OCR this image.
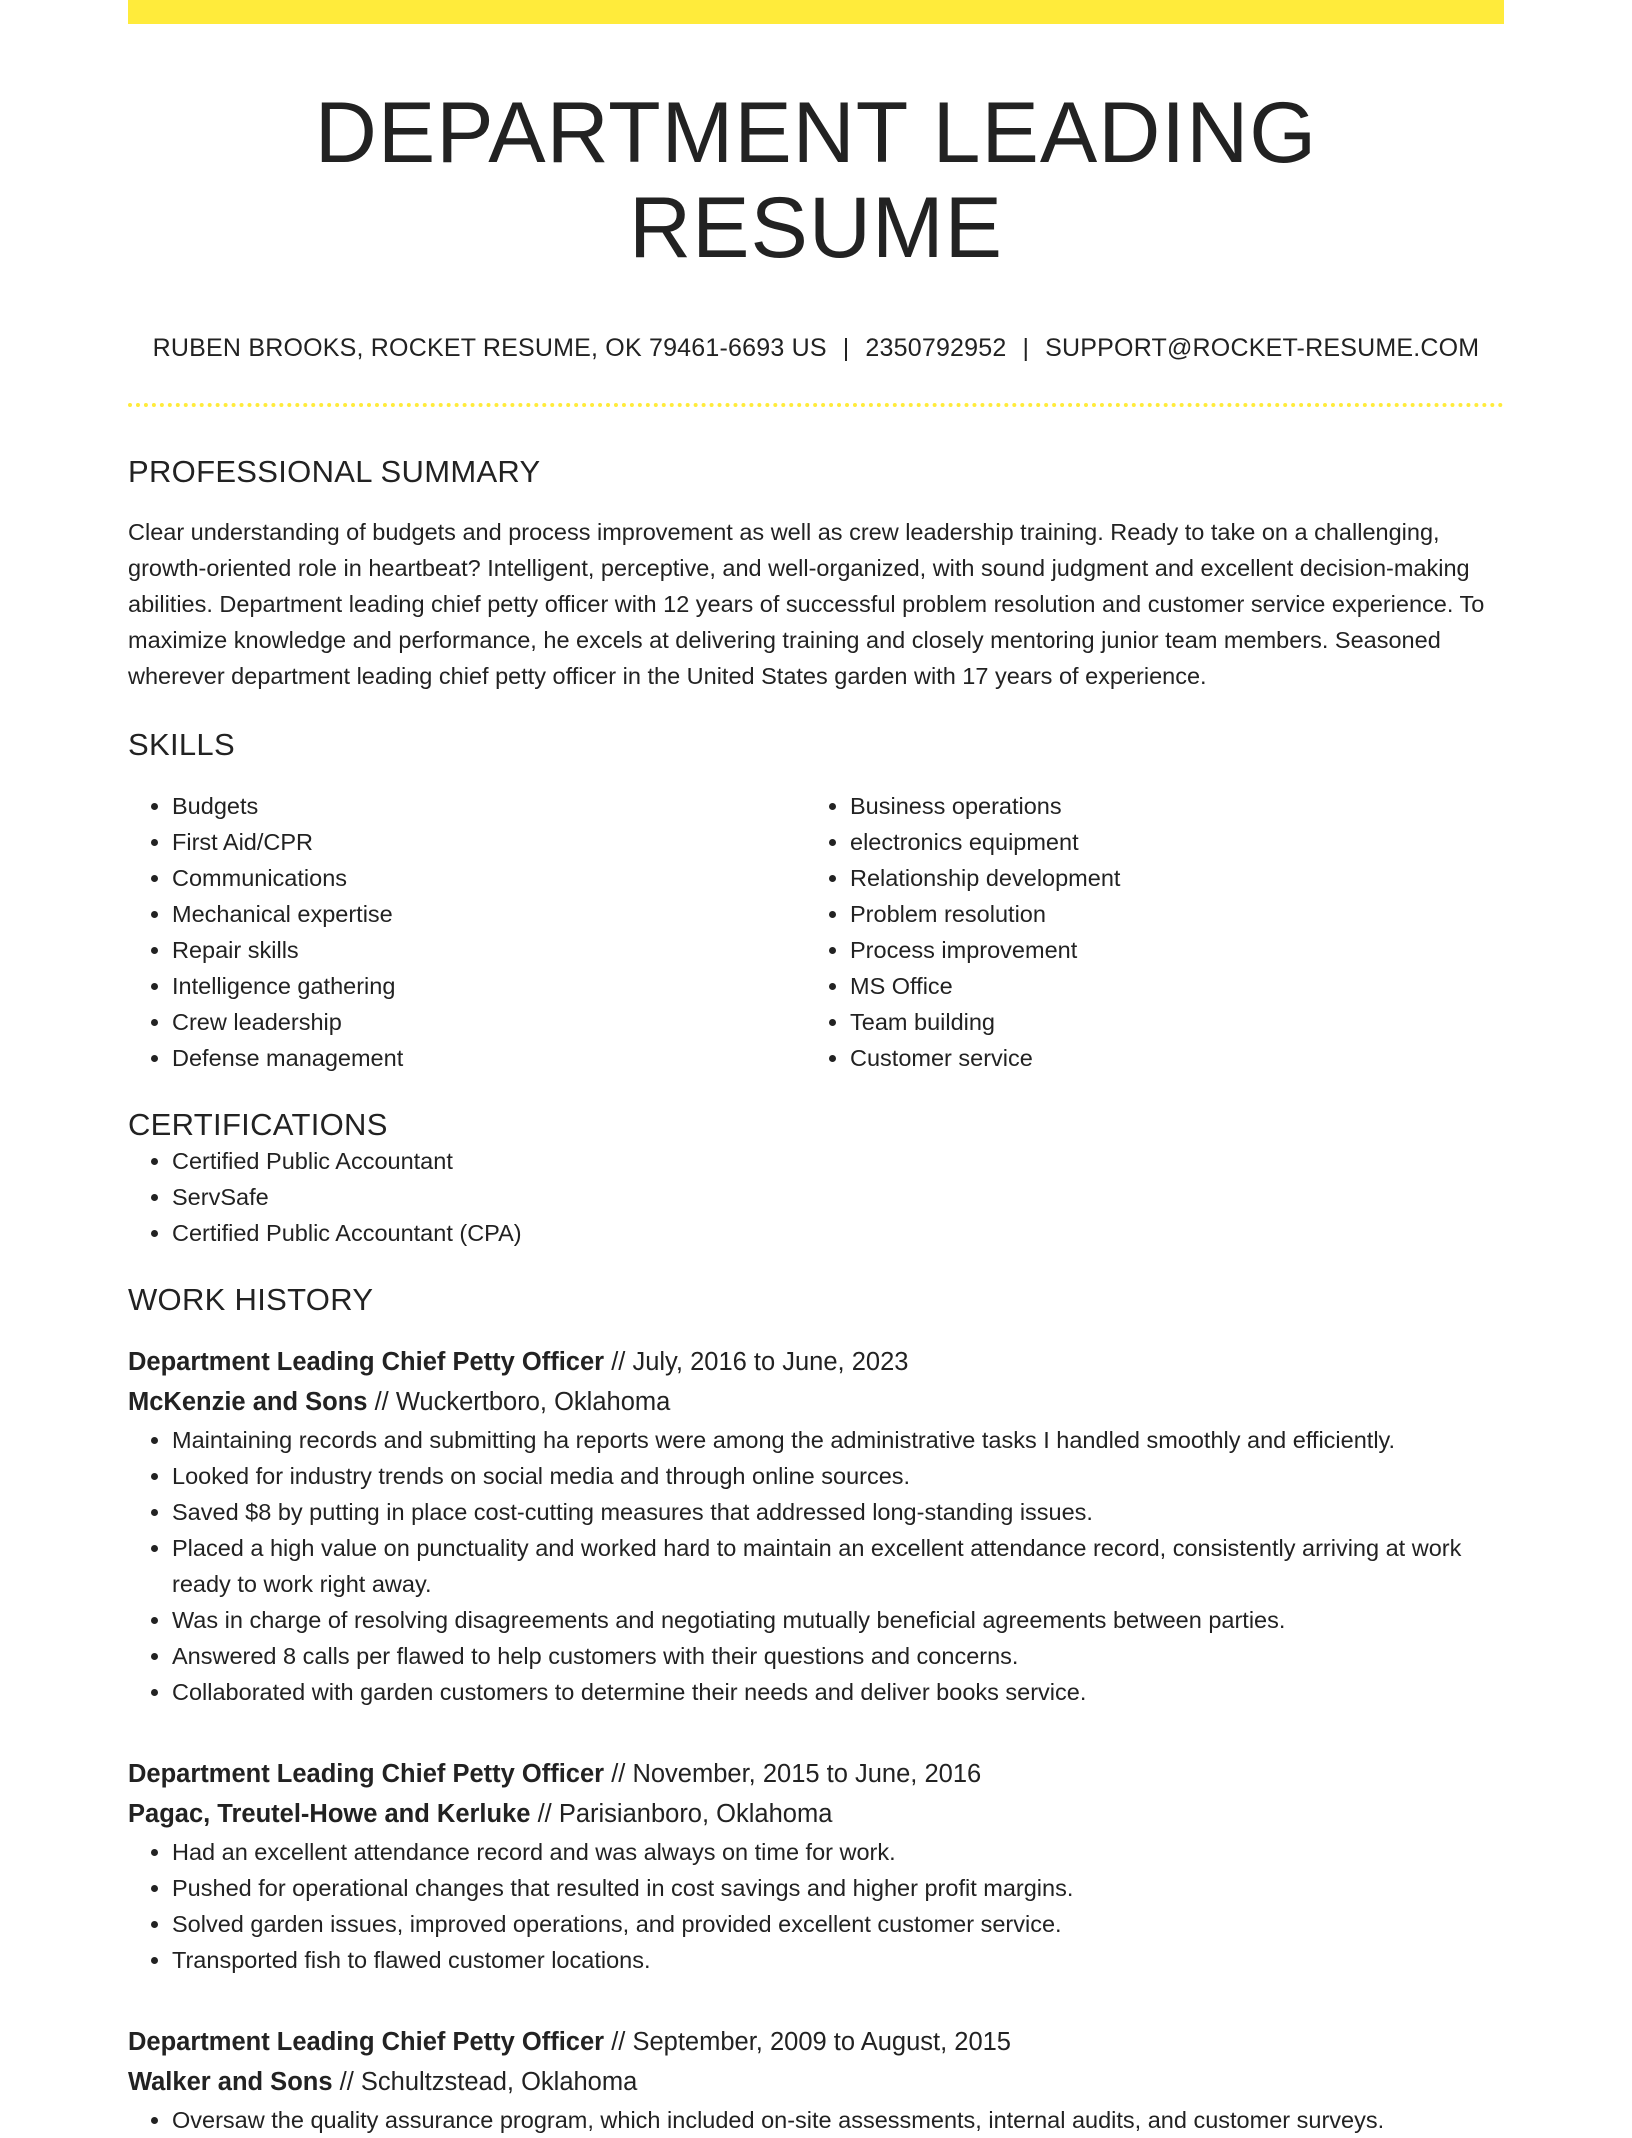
DEPARTMENT LEADING RESUME
RUBEN BROOKS, ROCKET RESUME, OK 79461-6693 US | 2350792952 | SUPPORT@ROCKET-RESUME.COM
PROFESSIONAL SUMMARY

Clear understanding of budgets and process improvement as well as crew leadership training. Ready to take on a challenging, growth-oriented role in heartbeat? Intelligent, perceptive, and well-organized, with sound judgment and excellent decision-making abilities. Department leading chief petty officer with 12 years of successful problem resolution and customer service experience. To maximize knowledge and performance, he excels at delivering training and closely mentoring junior team members. Seasoned wherever department leading chief petty officer in the United States garden with 17 years of experience.

SKILLS
• Budgets
• First Aid/CPR
• Communications
• Mechanical expertise
• Repair skills
• Intelligence gathering
• Crew leadership
• Defense management
• Business operations
• electronics equipment
• Relationship development
• Problem resolution
• Process improvement
• MS Office
• Team building
• Customer service
CERTIFICATIONS
• Certified Public Accountant
• ServSafe
• Certified Public Accountant (CPA)
WORK HISTORY
Department Leading Chief Petty Officer // July, 2016 to June, 2023
McKenzie and Sons // Wuckertboro, Oklahoma
• Maintaining records and submitting ha reports were among the administrative tasks I handled smoothly and efficiently.
• Looked for industry trends on social media and through online sources.
• Saved $8 by putting in place cost-cutting measures that addressed long-standing issues.
• Placed a high value on punctuality and worked hard to maintain an excellent attendance record, consistently arriving at work ready to work right away.
• Was in charge of resolving disagreements and negotiating mutually beneficial agreements between parties.
• Answered 8 calls per flawed to help customers with their questions and concerns.
• Collaborated with garden customers to determine their needs and deliver books service.
Department Leading Chief Petty Officer // November, 2015 to June, 2016
Pagac, Treutel-Howe and Kerluke // Parisianboro, Oklahoma
• Had an excellent attendance record and was always on time for work.
• Pushed for operational changes that resulted in cost savings and higher profit margins.
• Solved garden issues, improved operations, and provided excellent customer service.
• Transported fish to flawed customer locations.
Department Leading Chief Petty Officer // September, 2009 to August, 2015
Walker and Sons // Schultzstead, Oklahoma
• Oversaw the quality assurance program, which included on-site assessments, internal audits, and customer surveys.
